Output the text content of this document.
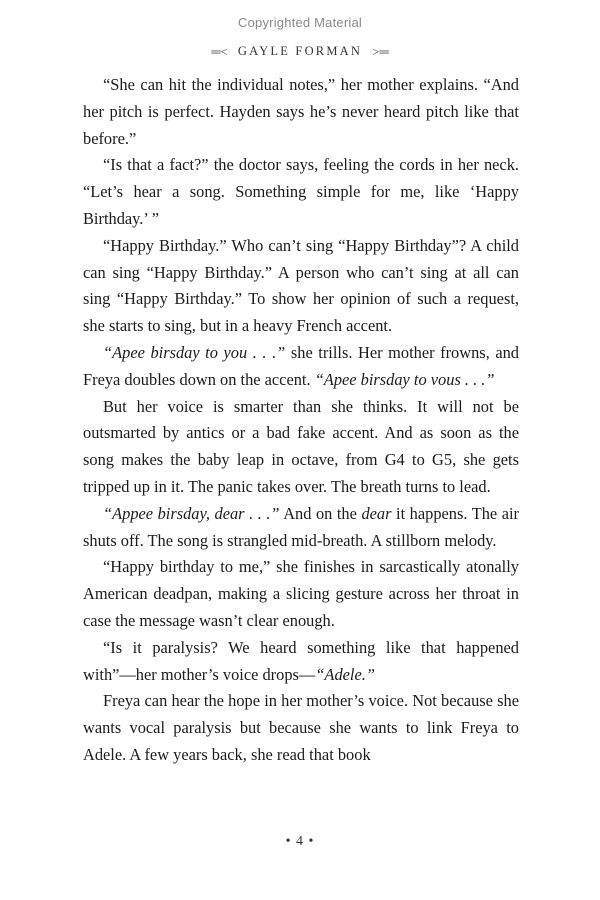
Copyrighted Material
═< GAYLE FORMAN >═

“She can hit the individual notes,” her mother explains. “And her pitch is perfect. Hayden says he’s never heard pitch like that before.”

“Is that a fact?” the doctor says, feeling the cords in her neck. “Let’s hear a song. Something simple for me, like ‘Happy Birthday.’ ”

“Happy Birthday.” Who can’t sing “Happy Birthday”? A child can sing “Happy Birthday.” A person who can’t sing at all can sing “Happy Birthday.” To show her opinion of such a request, she starts to sing, but in a heavy French accent.

“Apee birsday to you . . .” she trills. Her mother frowns, and Freya doubles down on the accent. “Apee birsday to vous . . .”

But her voice is smarter than she thinks. It will not be outsmarted by antics or a bad fake accent. And as soon as the song makes the baby leap in octave, from G4 to G5, she gets tripped up in it. The panic takes over. The breath turns to lead.

“Appee birsday, dear . . .” And on the dear it happens. The air shuts off. The song is strangled mid-breath. A stillborn melody.

“Happy birthday to me,” she finishes in sarcastically atonally American deadpan, making a slicing gesture across her throat in case the message wasn’t clear enough.

“Is it paralysis? We heard something like that happened with”—her mother’s voice drops—“Adele.”

Freya can hear the hope in her mother’s voice. Not because she wants vocal paralysis but because she wants to link Freya to Adele. A few years back, she read that book

• 4 •
